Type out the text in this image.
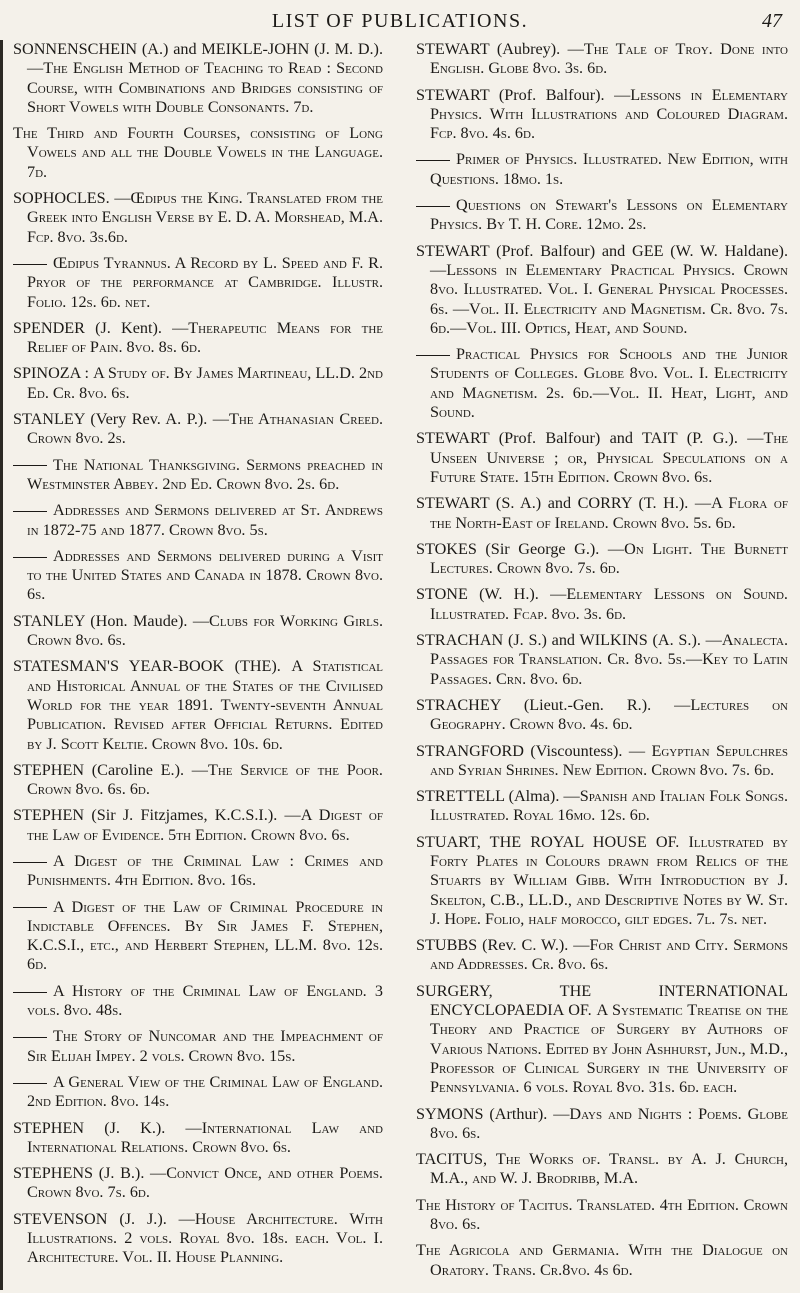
LIST OF PUBLICATIONS.	47

SONNENSCHEIN (A.) and MEIKLE-JOHN (J. M. D.). —The English Method of Teaching to Read : Second Course, with Combinations and Bridges consisting of Short Vowels with Double Consonants. 7d.

The Third and Fourth Courses, consisting of Long Vowels and all the Double Vowels in the Language. 7d.

SOPHOCLES. —Œdipus the King. Translated from the Greek into English Verse by E. D. A. Morshead, M.A. Fcp. 8vo. 3s.6d.

Œdipus Tyrannus. A Record by L. Speed and F. R. Pryor of the performance at Cambridge. Illustr. Folio. 12s. 6d. net.

SPENDER (J. Kent). —Therapeutic Means for the Relief of Pain. 8vo. 8s. 6d.

SPINOZA : A Study of. By James Martineau, LL.D. 2nd Ed. Cr. 8vo. 6s.

STANLEY (Very Rev. A. P.). —The Athanasian Creed. Crown 8vo. 2s.

The National Thanksgiving. Sermons preached in Westminster Abbey. 2nd Ed. Crown 8vo. 2s. 6d.

Addresses and Sermons delivered at St. Andrews in 1872-75 and 1877. Crown 8vo. 5s.

Addresses and Sermons delivered during a Visit to the United States and Canada in 1878. Crown 8vo. 6s.

STANLEY (Hon. Maude). —Clubs for Working Girls. Crown 8vo. 6s.

STATESMAN'S YEAR-BOOK (THE). A Statistical and Historical Annual of the States of the Civilised World for the year 1891. Twenty-seventh Annual Publication. Revised after Official Returns. Edited by J. Scott Keltie. Crown 8vo. 10s. 6d.

STEPHEN (Caroline E.). —The Service of the Poor. Crown 8vo. 6s. 6d.

STEPHEN (Sir J. Fitzjames, K.C.S.I.). —A Digest of the Law of Evidence. 5th Edition. Crown 8vo. 6s.

A Digest of the Criminal Law : Crimes and Punishments. 4th Edition. 8vo. 16s.

A Digest of the Law of Criminal Procedure in Indictable Offences. By Sir James F. Stephen, K.C.S.I., etc., and Herbert Stephen, LL.M. 8vo. 12s. 6d.

A History of the Criminal Law of England. 3 vols. 8vo. 48s.

The Story of Nuncomar and the Impeachment of Sir Elijah Impey. 2 vols. Crown 8vo. 15s.

A General View of the Criminal Law of England. 2nd Edition. 8vo. 14s.

STEPHEN (J. K.). —International Law and International Relations. Crown 8vo. 6s.

STEPHENS (J. B.). —Convict Once, and other Poems. Crown 8vo. 7s. 6d.

STEVENSON (J. J.). —House Architecture. With Illustrations. 2 vols. Royal 8vo. 18s. each. Vol. I. Architecture. Vol. II. House Planning.

STEWART (Aubrey). —The Tale of Troy. Done into English. Globe 8vo. 3s. 6d.

STEWART (Prof. Balfour). —Lessons in Elementary Physics. With Illustrations and Coloured Diagram. Fcp. 8vo. 4s. 6d.

Primer of Physics. Illustrated. New Edition, with Questions. 18mo. 1s.

Questions on Stewart's Lessons on Elementary Physics. By T. H. Core. 12mo. 2s.

STEWART (Prof. Balfour) and GEE (W. W. Haldane). —Lessons in Elementary Practical Physics. Crown 8vo. Illustrated. Vol. I. General Physical Processes. 6s. —Vol. II. Electricity and Magnetism. Cr. 8vo. 7s. 6d.—Vol. III. Optics, Heat, and Sound.

Practical Physics for Schools and the Junior Students of Colleges. Globe 8vo. Vol. I. Electricity and Magnetism. 2s. 6d.—Vol. II. Heat, Light, and Sound.

STEWART (Prof. Balfour) and TAIT (P. G.). —The Unseen Universe ; or, Physical Speculations on a Future State. 15th Edition. Crown 8vo. 6s.

STEWART (S. A.) and CORRY (T. H.). —A Flora of the North-East of Ireland. Crown 8vo. 5s. 6d.

STOKES (Sir George G.). —On Light. The Burnett Lectures. Crown 8vo. 7s. 6d.

STONE (W. H.). —Elementary Lessons on Sound. Illustrated. Fcap. 8vo. 3s. 6d.

STRACHAN (J. S.) and WILKINS (A. S.). —Analecta. Passages for Translation. Cr. 8vo. 5s.—Key to Latin Passages. Crn. 8vo. 6d.

STRACHEY (Lieut.-Gen. R.). —Lectures on Geography. Crown 8vo. 4s. 6d.

STRANGFORD (Viscountess). — Egyptian Sepulchres and Syrian Shrines. New Edition. Crown 8vo. 7s. 6d.

STRETTELL (Alma). —Spanish and Italian Folk Songs. Illustrated. Royal 16mo. 12s. 6d.

STUART, THE ROYAL HOUSE OF. Illustrated by Forty Plates in Colours drawn from Relics of the Stuarts by William Gibb. With Introduction by J. Skelton, C.B., LL.D., and Descriptive Notes by W. St. J. Hope. Folio, half morocco, gilt edges. 7l. 7s. net.

STUBBS (Rev. C. W.). —For Christ and City. Sermons and Addresses. Cr. 8vo. 6s.

SURGERY, THE INTERNATIONAL ENCYCLOPAEDIA OF. A Systematic Treatise on the Theory and Practice of Surgery by Authors of Various Nations. Edited by John Ashhurst, Jun., M.D., Professor of Clinical Surgery in the University of Pennsylvania. 6 vols. Royal 8vo. 31s. 6d. each.

SYMONS (Arthur). —Days and Nights : Poems. Globe 8vo. 6s.

TACITUS, The Works of. Transl. by A. J. Church, M.A., and W. J. Brodribb, M.A.

The History of Tacitus. Translated. 4th Edition. Crown 8vo. 6s.

The Agricola and Germania. With the Dialogue on Oratory. Trans. Cr.8vo. 4s 6d.
